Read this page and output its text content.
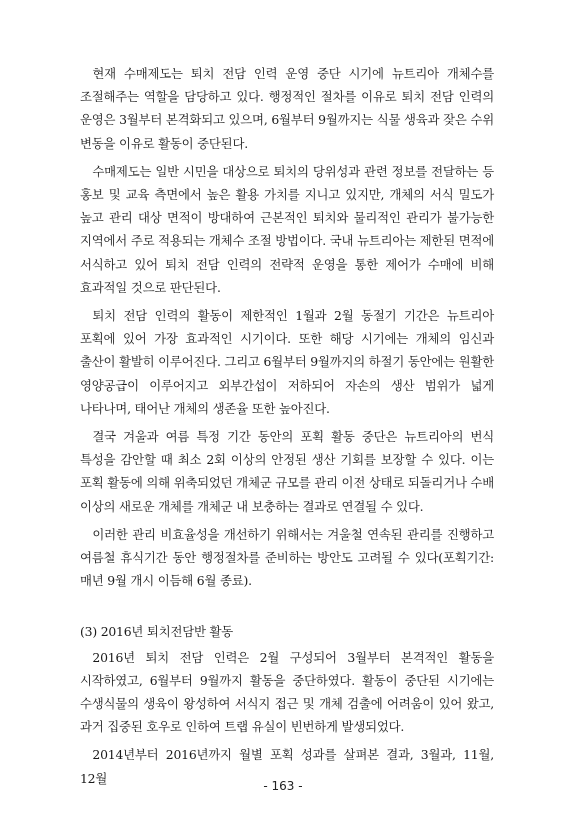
현재 수매제도는 퇴치 전담 인력 운영 중단 시기에 뉴트리아 개체수를 조절해주는 역할을 담당하고 있다. 행정적인 절차를 이유로 퇴치 전담 인력의 운영은 3월부터 본격화되고 있으며, 6월부터 9월까지는 식물 생육과 잦은 수위 변동을 이유로 활동이 중단된다.

수매제도는 일반 시민을 대상으로 퇴치의 당위성과 관련 정보를 전달하는 등 홍보 및 교육 측면에서 높은 활용 가치를 지니고 있지만, 개체의 서식 밀도가 높고 관리 대상 면적이 방대하여 근본적인 퇴치와 물리적인 관리가 불가능한 지역에서 주로 적용되는 개체수 조절 방법이다. 국내 뉴트리아는 제한된 면적에 서식하고 있어 퇴치 전담 인력의 전략적 운영을 통한 제어가 수매에 비해 효과적일 것으로 판단된다.

퇴치 전담 인력의 활동이 제한적인 1월과 2월 동절기 기간은 뉴트리아 포획에 있어 가장 효과적인 시기이다. 또한 해당 시기에는 개체의 임신과 출산이 활발히 이루어진다. 그리고 6월부터 9월까지의 하절기 동안에는 원활한 영양공급이 이루어지고 외부간섭이 저하되어 자손의 생산 범위가 넓게 나타나며, 태어난 개체의 생존율 또한 높아진다.

결국 겨울과 여름 특정 기간 동안의 포획 활동 중단은 뉴트리아의 번식 특성을 감안할 때 최소 2회 이상의 안정된 생산 기회를 보장할 수 있다. 이는 포획 활동에 의해 위축되었던 개체군 규모를 관리 이전 상태로 되돌리거나 수배 이상의 새로운 개체를 개체군 내 보충하는 결과로 연결될 수 있다.

이러한 관리 비효율성을 개선하기 위해서는 겨울철 연속된 관리를 진행하고 여름철 휴식기간 동안 행정절차를 준비하는 방안도 고려될 수 있다(포획기간: 매년 9월 개시 이듬해 6월 종료).

(3) 2016년 퇴치전담반 활동

2016년 퇴치 전담 인력은 2월 구성되어 3월부터 본격적인 활동을 시작하였고, 6월부터 9월까지 활동을 중단하였다. 활동이 중단된 시기에는 수생식물의 생육이 왕성하여 서식지 접근 및 개체 검출에 어려움이 있어 왔고, 과거 집중된 호우로 인하여 트랩 유실이 빈번하게 발생되었다.

2014년부터 2016년까지 월별 포획 성과를 살펴본 결과, 3월과, 11월, 12월

- 163 -
